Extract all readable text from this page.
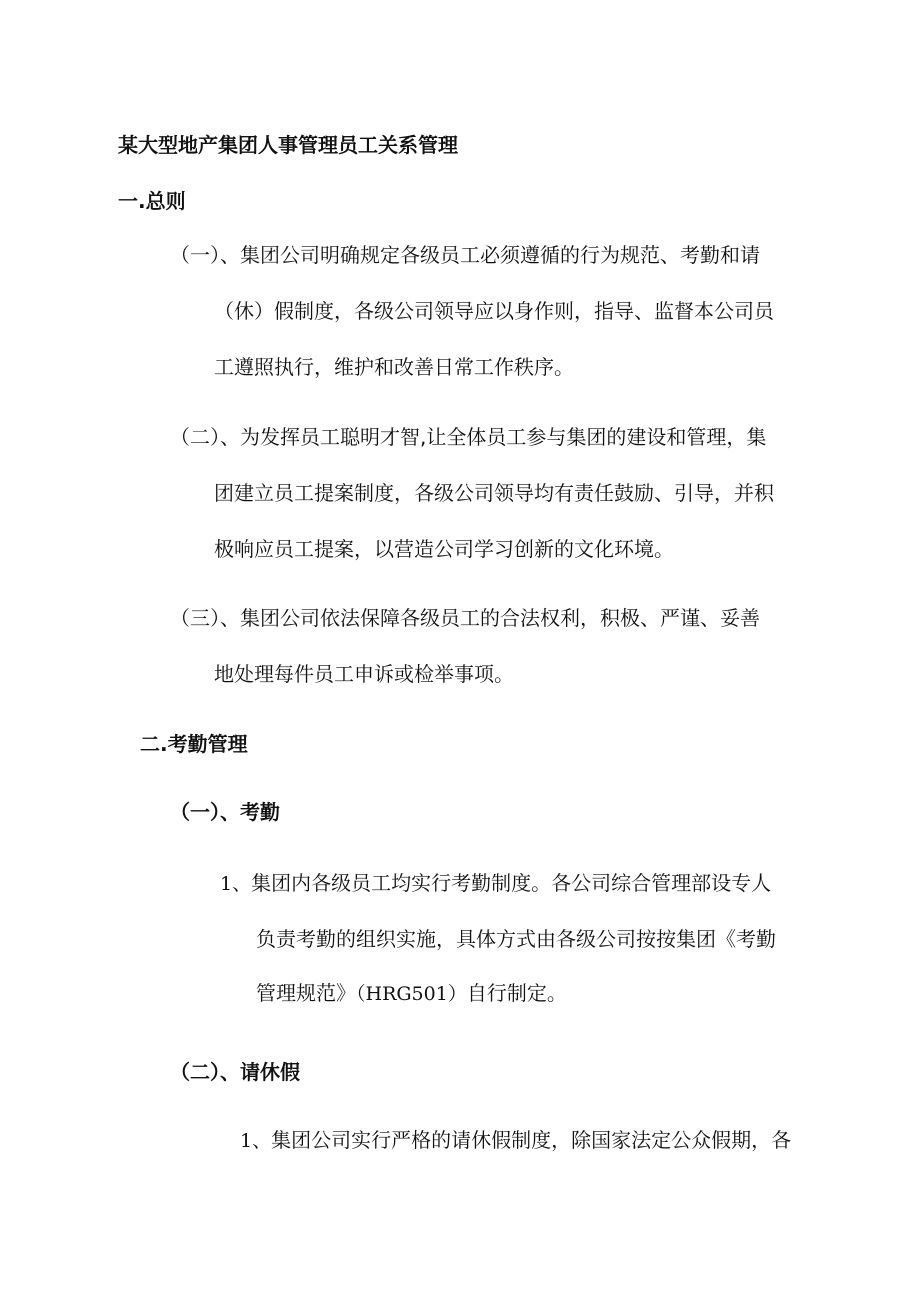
某大型地产集团人事管理员工关系管理
一.总则

（一）、集团公司明确规定各级员工必须遵循的行为规范、考勤和请

（休）假制度，各级公司领导应以身作则，指导、监督本公司员

工遵照执行，维护和改善日常工作秩序。

（二）、为发挥员工聪明才智,让全体员工参与集团的建设和管理，集

团建立员工提案制度，各级公司领导均有责任鼓励、引导，并积

极响应员工提案，以营造公司学习创新的文化环境。

（三）、集团公司依法保障各级员工的合法权利，积极、严谨、妥善

地处理每件员工申诉或检举事项。

二.考勤管理
（一）、考勤

1、集团内各级员工均实行考勤制度。各公司综合管理部设专人

负责考勤的组织实施，具体方式由各级公司按按集团《考勤

管理规范》（HRG501）自行制定。

（二）、请休假

1、集团公司实行严格的请休假制度，除国家法定公众假期，各
